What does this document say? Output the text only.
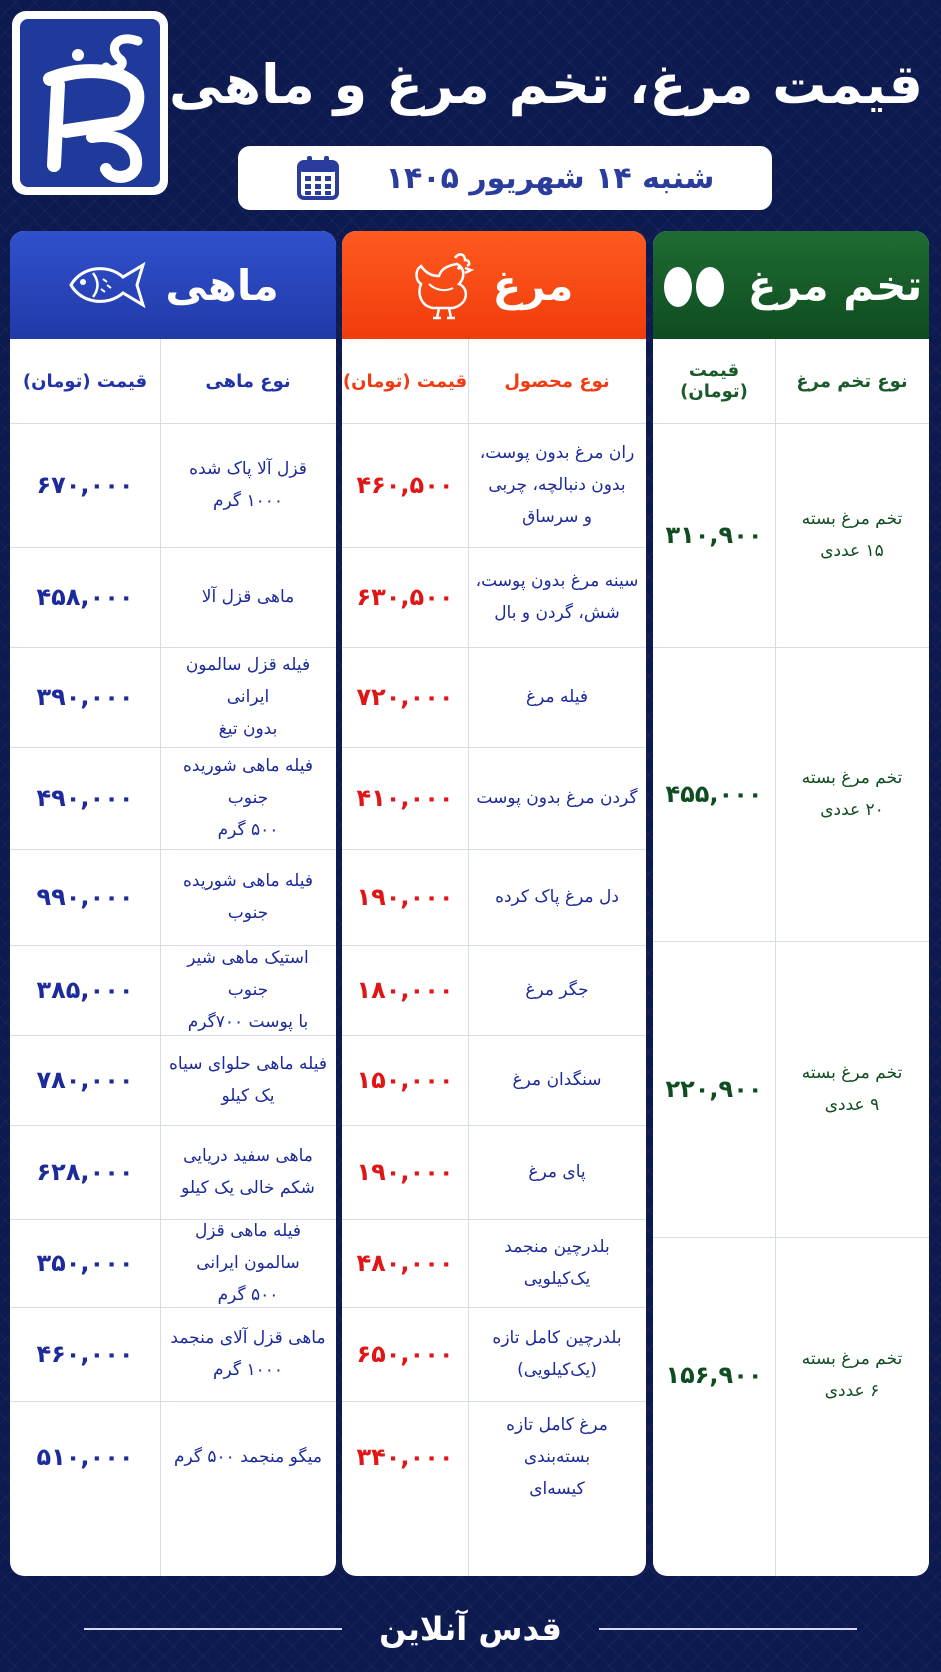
قیمت مرغ، تخم مرغ و ماهی
شنبه ۱۴ شهریور ۱۴۰۵
ماهی
نوع ماهی
قیمت (تومان)
قزل آلا پاک شده
۱۰۰۰ گرم
۶۷۰,۰۰۰
ماهی قزل آلا
۴۵۸,۰۰۰
فیله قزل سالمون ایرانی
بدون تیغ
۳۹۰,۰۰۰
فیله ماهی شوریده جنوب
۵۰۰ گرم
۴۹۰,۰۰۰
فیله ماهی شوریده
جنوب
۹۹۰,۰۰۰
استیک ماهی شیر جنوب
با پوست ۷۰۰گرم
۳۸۵,۰۰۰
فیله ماهی حلوای سیاه
یک کیلو
۷۸۰,۰۰۰
ماهی سفید دریایی
شکم خالی یک کیلو
۶۲۸,۰۰۰
فیله ماهی قزل سالمون ایرانی
۵۰۰ گرم
۳۵۰,۰۰۰
ماهی قزل آلای منجمد
۱۰۰۰ گرم
۴۶۰,۰۰۰
میگو منجمد ۵۰۰ گرم
۵۱۰,۰۰۰
مرغ
نوع محصول
قیمت (تومان)
ران مرغ بدون پوست،
بدون دنبالچه، چربی
و سرساق
۴۶۰,۵۰۰
سینه مرغ بدون پوست،
شش، گردن و بال
۶۳۰,۵۰۰
فیله مرغ
۷۲۰,۰۰۰
گردن مرغ بدون پوست
۴۱۰,۰۰۰
دل مرغ پاک کرده
۱۹۰,۰۰۰
جگر مرغ
۱۸۰,۰۰۰
سنگدان مرغ
۱۵۰,۰۰۰
پای مرغ
۱۹۰,۰۰۰
بلدرچین منجمد
یک‌کیلویی
۴۸۰,۰۰۰
بلدرچین کامل تازه
(یک‌کیلویی)
۶۵۰,۰۰۰
مرغ کامل تازه بسته‌بندی
کیسه‌ای
۳۴۰,۰۰۰
تخم مرغ
نوع تخم مرغ
قیمت (تومان)
تخم مرغ بسته
۱۵ عددی
۳۱۰,۹۰۰
تخم مرغ بسته
۲۰ عددی
۴۵۵,۰۰۰
تخم مرغ بسته
۹ عددی
۲۲۰,۹۰۰
تخم مرغ بسته
۶ عددی
۱۵۶,۹۰۰
قدس آنلاین
